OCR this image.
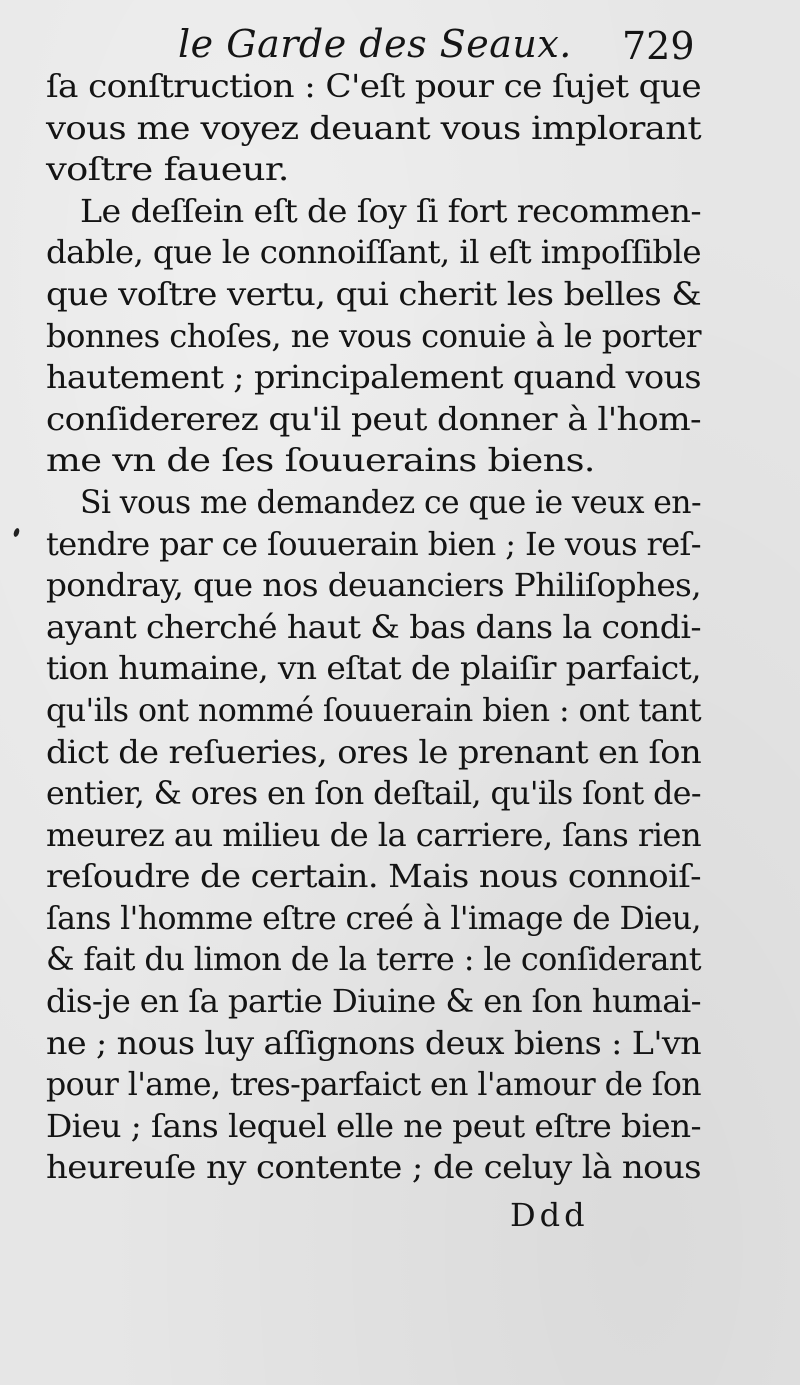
le Garde des Seaux. 729
ſa conſtruction : C'eſt pour ce ſujet que
vous me voyez deuant vous implorant
voſtre faueur.
Le deſſein eſt de ſoy ſi fort recommen-
dable, que le connoiſſant, il eſt impoſſible
que voſtre vertu, qui cherit les belles &
bonnes choſes, ne vous conuie à le porter
hautement ; principalement quand vous
conſidererez qu'il peut donner à l'hom-
me vn de ſes ſouuerains biens.
Si vous me demandez ce que ie veux en-
tendre par ce ſouuerain bien ; Ie vous reſ-
pondray, que nos deuanciers Philiſophes,
ayant cherché haut & bas dans la condi-
tion humaine, vn eſtat de plaiſir parfaict,
qu'ils ont nommé ſouuerain bien : ont tant
dict de reſueries, ores le prenant en ſon
entier, & ores en ſon deſtail, qu'ils ſont de-
meurez au milieu de la carriere, ſans rien
reſoudre de certain. Mais nous connoiſ-
ſans l'homme eſtre creé à l'image de Dieu,
& fait du limon de la terre : le conſiderant
dis-je en ſa partie Diuine & en ſon humai-
ne ; nous luy aſſignons deux biens : L'vn
pour l'ame, tres-parfaict en l'amour de ſon
Dieu ; ſans lequel elle ne peut eſtre bien-
heureuſe ny contente ; de celuy là nous
Ddd
